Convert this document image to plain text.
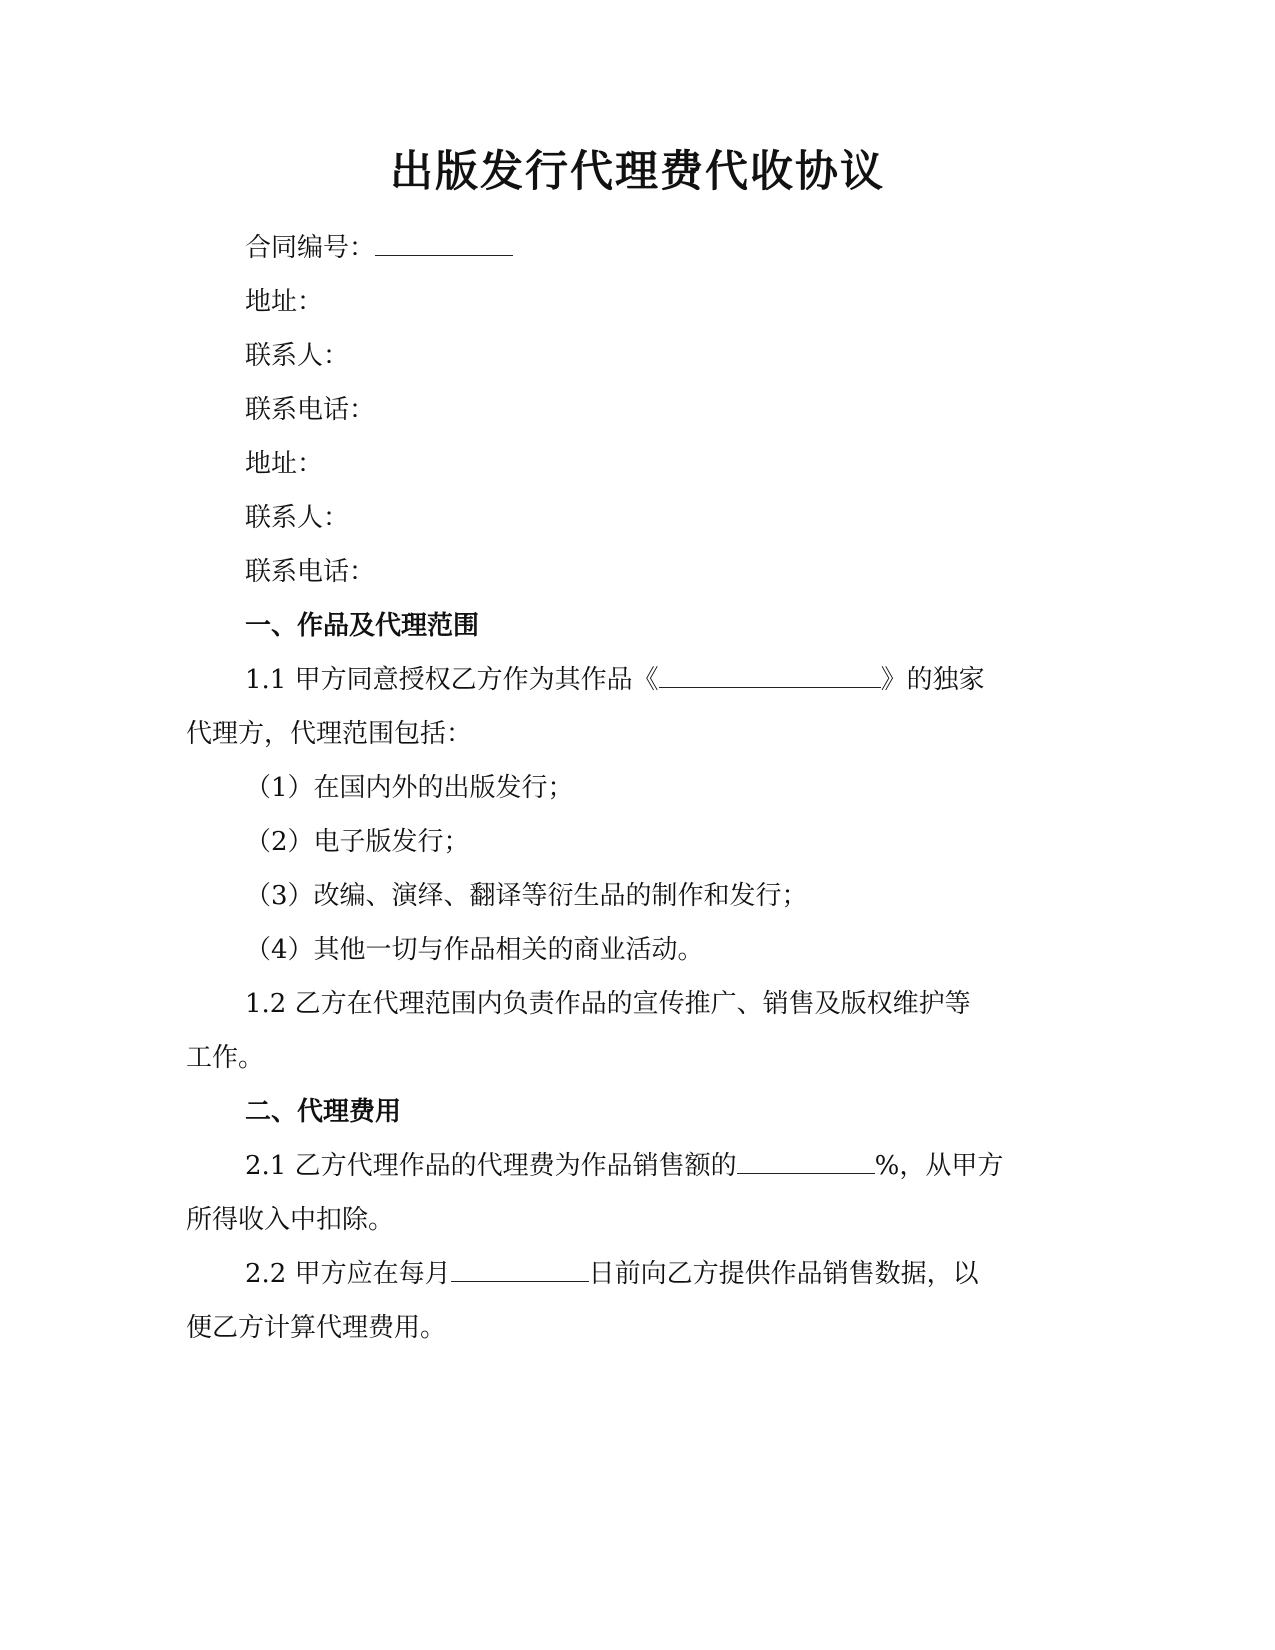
出版发行代理费代收协议
合同编号：
地址：
联系人：
联系电话：
地址：
联系人：
联系电话：
一、作品及代理范围
1.1 甲方同意授权乙方作为其作品《	》的独家
代理方，代理范围包括：
（1）在国内外的出版发行；
（2）电子版发行；
（3）改编、演绎、翻译等衍生品的制作和发行；
（4）其他一切与作品相关的商业活动。
1.2 乙方在代理范围内负责作品的宣传推广、销售及版权维护等
工作。
二、代理费用
2.1 乙方代理作品的代理费为作品销售额的	%，从甲方
所得收入中扣除。
2.2 甲方应在每月	日前向乙方提供作品销售数据，以
便乙方计算代理费用。
